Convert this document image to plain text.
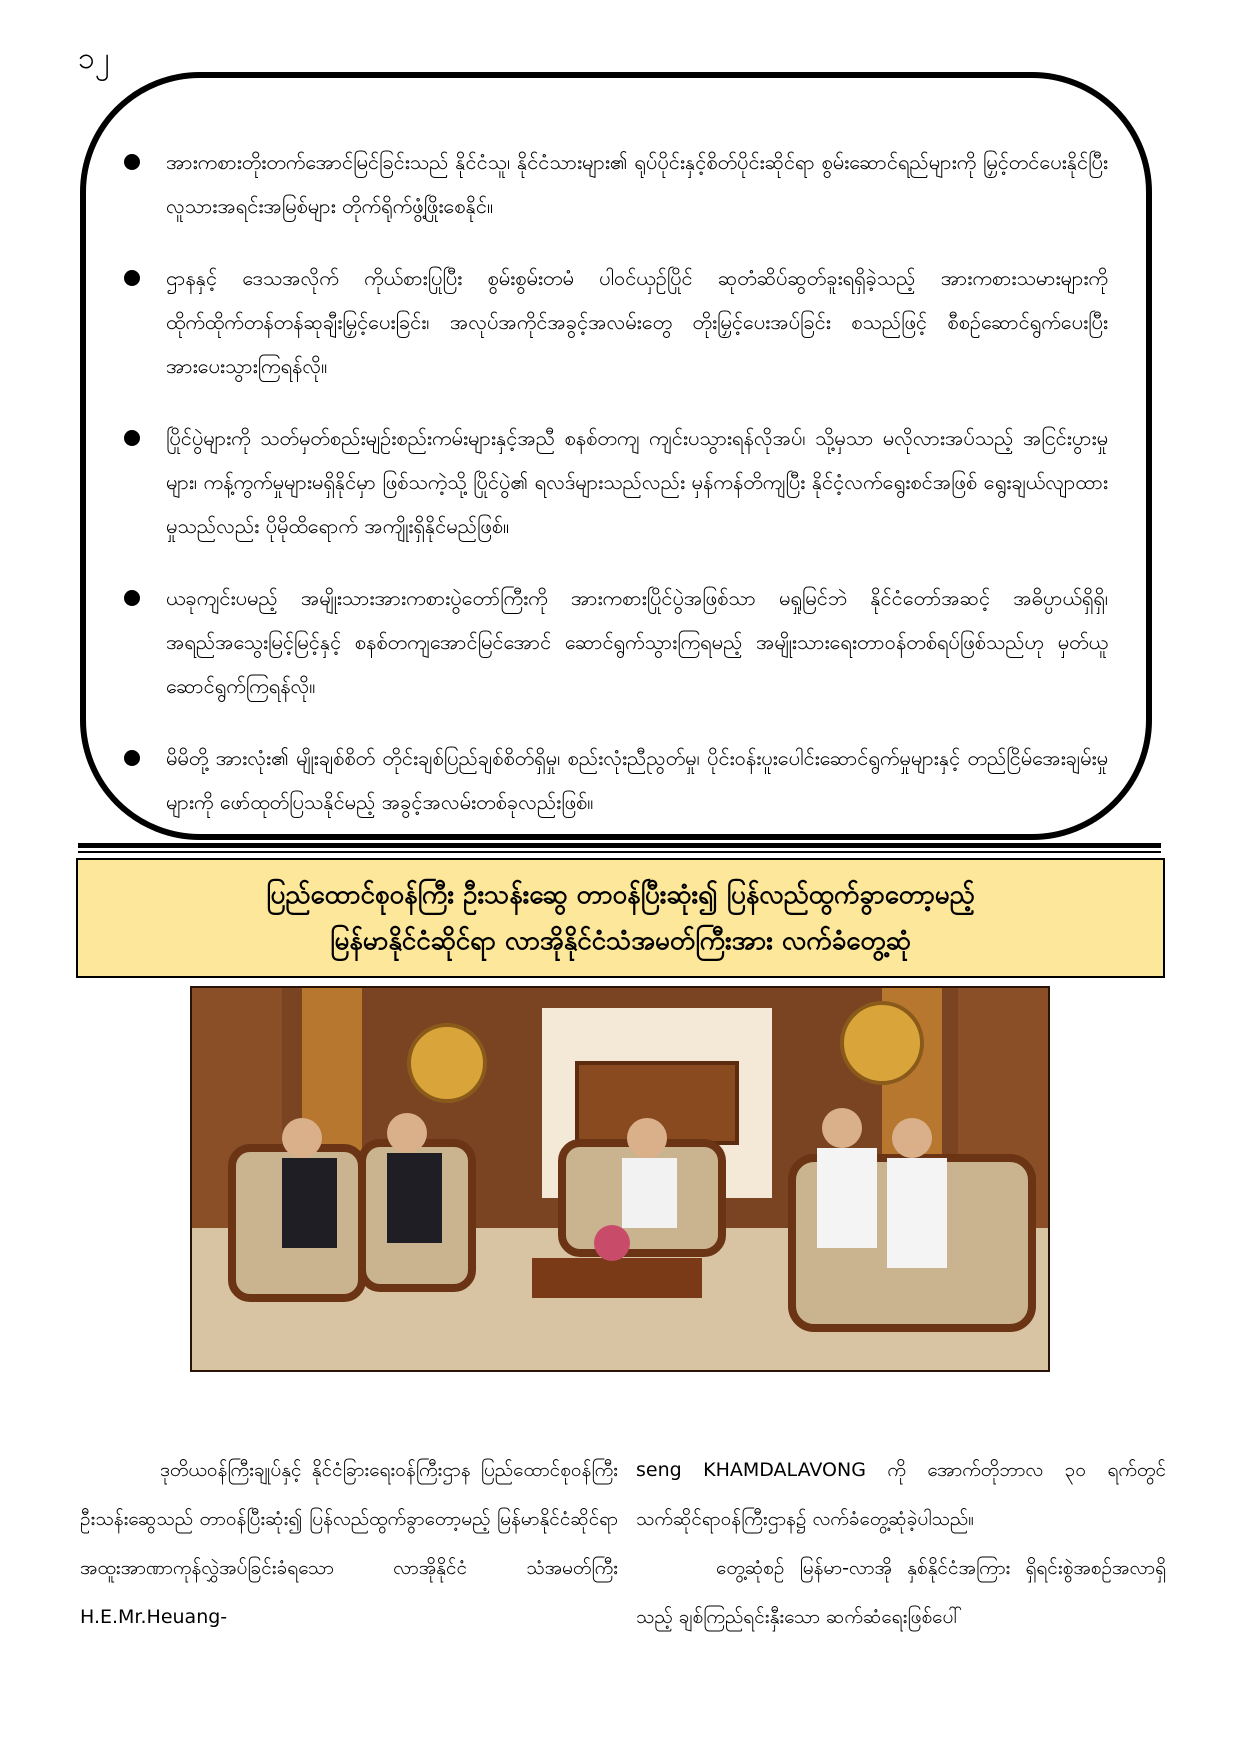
၁၂
အားကစားတိုးတက်အောင်မြင်ခြင်းသည် နိုင်ငံသူ၊ နိုင်ငံသားများ၏ ရုပ်ပိုင်းနှင့်စိတ်ပိုင်းဆိုင်ရာ စွမ်းဆောင်ရည်များကို မြှင့်တင်ပေးနိုင်ပြီး လူသားအရင်းအမြစ်များ တိုက်ရိုက်ဖွံ့ဖြိုးစေနိုင်။
ဌာနနှင့် ဒေသအလိုက် ကိုယ်စားပြုပြီး စွမ်းစွမ်းတမံ ပါဝင်ယှဉ်ပြိုင် ဆုတံဆိပ်ဆွတ်ခူးရရှိခဲ့သည့် အားကစားသမားများကို ထိုက်ထိုက်တန်တန်ဆုချီးမြှင့်ပေးခြင်း၊ အလုပ်အကိုင်အခွင့်အလမ်းတွေ တိုးမြှင့်ပေးအပ်ခြင်း စသည်ဖြင့် စီစဉ်ဆောင်ရွက်ပေးပြီး အားပေးသွားကြရန်လို။
ပြိုင်ပွဲများကို သတ်မှတ်စည်းမျဉ်းစည်းကမ်းများနှင့်အညီ စနစ်တကျ ကျင်းပသွားရန်လိုအပ်၊ သို့မှသာ မလိုလားအပ်သည့် အငြင်းပွားမှုများ၊ ကန့်ကွက်မှုများမရှိနိုင်မှာ ဖြစ်သကဲ့သို့ ပြိုင်ပွဲ၏ ရလဒ်များသည်လည်း မှန်ကန်တိကျပြီး နိုင်ငံ့လက်ရွေးစင်အဖြစ် ရွေးချယ်လျာထားမှုသည်လည်း ပိုမိုထိရောက် အကျိုးရှိနိုင်မည်ဖြစ်။
ယခုကျင်းပမည့် အမျိုးသားအားကစားပွဲတော်ကြီးကို အားကစားပြိုင်ပွဲအဖြစ်သာ မရှုမြင်ဘဲ နိုင်ငံတော်အဆင့် အဓိပ္ပာယ်ရှိရှိ၊ အရည်အသွေးမြင့်မြင့်နှင့် စနစ်တကျအောင်မြင်အောင် ဆောင်ရွက်သွားကြရမည့် အမျိုးသားရေးတာဝန်တစ်ရပ်ဖြစ်သည်ဟု မှတ်ယူဆောင်ရွက်ကြရန်လို။
မိမိတို့ အားလုံး၏ မျိုးချစ်စိတ် တိုင်းချစ်ပြည်ချစ်စိတ်ရှိမှု၊ စည်းလုံးညီညွတ်မှု၊ ပိုင်းဝန်းပူးပေါင်းဆောင်ရွက်မှုများနှင့် တည်ငြိမ်အေးချမ်းမှုများကို ဖော်ထုတ်ပြသနိုင်မည့် အခွင့်အလမ်းတစ်ခုလည်းဖြစ်။
ပြည်ထောင်စုဝန်ကြီး ဦးသန်းဆွေ တာဝန်ပြီးဆုံး၍ ပြန်လည်ထွက်ခွာတော့မည့်
မြန်မာနိုင်ငံဆိုင်ရာ လာအိုနိုင်ငံသံအမတ်ကြီးအား လက်ခံတွေ့ဆုံ

ဒုတိယဝန်ကြီးချုပ်နှင့် နိုင်ငံခြားရေးဝန်ကြီးဌာန ပြည်ထောင်စုဝန်ကြီး ဦးသန်းဆွေသည် တာဝန်ပြီးဆုံး၍ ပြန်လည်ထွက်ခွာတော့မည့် မြန်မာနိုင်ငံဆိုင်ရာ အထူးအာဏာကုန်လွှဲအပ်ခြင်းခံရသော လာအိုနိုင်ငံ သံအမတ်ကြီး H.E.Mr.Heuang-

seng KHAMDALAVONG ကို အောက်တိုဘာလ ၃၀ ရက်တွင် သက်ဆိုင်ရာဝန်ကြီးဌာန၌ လက်ခံတွေ့ဆုံခဲ့ပါသည်။

တွေ့ဆုံစဉ် မြန်မာ-လာအို နှစ်နိုင်ငံအကြား ရှိရင်းစွဲအစဉ်အလာရှိသည့် ချစ်ကြည်ရင်းနှီးသော ဆက်ဆံရေးဖြစ်ပေါ်
